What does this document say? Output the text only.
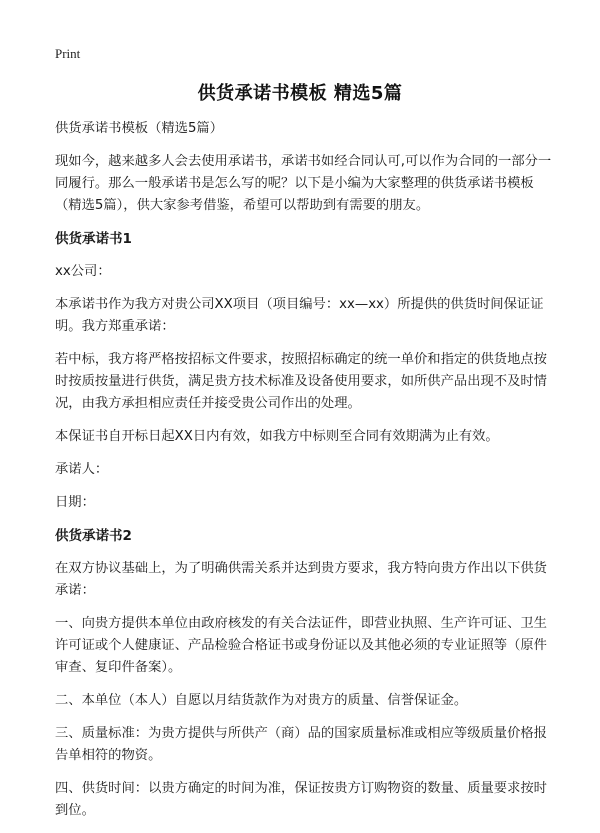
Print
供货承诺书模板 精选5篇

供货承诺书模板（精选5篇）

现如今，越来越多人会去使用承诺书，承诺书如经合同认可,可以作为合同的一部分一同履行。那么一般承诺书是怎么写的呢？以下是小编为大家整理的供货承诺书模板（精选5篇），供大家参考借鉴，希望可以帮助到有需要的朋友。

供货承诺书1

xx公司：

本承诺书作为我方对贵公司XX项目（项目编号：xx—xx）所提供的供货时间保证证明。我方郑重承诺：

若中标，我方将严格按招标文件要求，按照招标确定的统一单价和指定的供货地点按时按质按量进行供货，满足贵方技术标准及设备使用要求，如所供产品出现不及时情况，由我方承担相应责任并接受贵公司作出的处理。

本保证书自开标日起XX日内有效，如我方中标则至合同有效期满为止有效。

承诺人：

日期：

供货承诺书2

在双方协议基础上，为了明确供需关系并达到贵方要求，我方特向贵方作出以下供货承诺：

一、向贵方提供本单位由政府核发的有关合法证件，即营业执照、生产许可证、卫生许可证或个人健康证、产品检验合格证书或身份证以及其他必须的专业证照等（原件审查、复印件备案）。

二、本单位（本人）自愿以月结货款作为对贵方的质量、信誉保证金。

三、质量标准：为贵方提供与所供产（商）品的国家质量标准或相应等级质量价格报告单相符的物资。

四、供货时间：以贵方确定的时间为准，保证按贵方订购物资的数量、质量要求按时到位。
